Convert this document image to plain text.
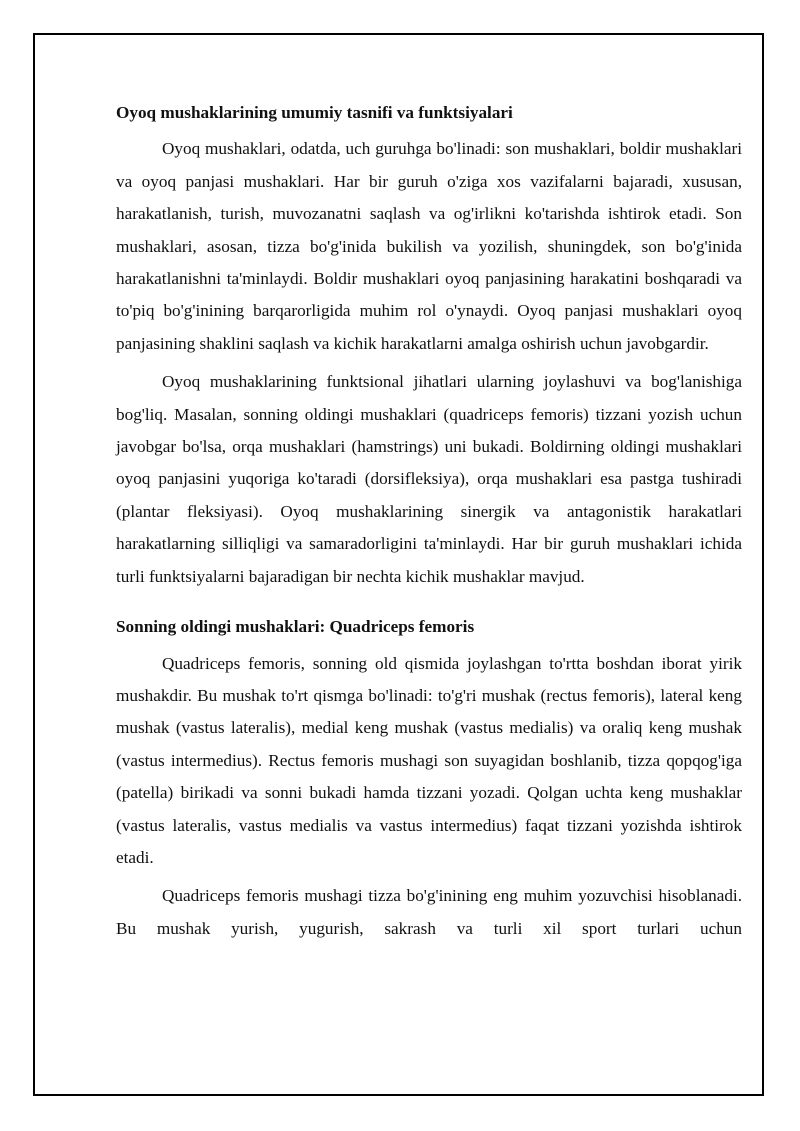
Oyoq mushaklarining umumiy tasnifi va funktsiyalari

Oyoq mushaklari, odatda, uch guruhga bo'linadi: son mushaklari, boldir mushaklari va oyoq panjasi mushaklari. Har bir guruh o'ziga xos vazifalarni bajaradi, xususan, harakatlanish, turish, muvozanatni saqlash va og'irlikni ko'tarishda ishtirok etadi. Son mushaklari, asosan, tizza bo'g'inida bukilish va yozilish, shuningdek, son bo'g'inida harakatlanishni ta'minlaydi. Boldir mushaklari oyoq panjasining harakatini boshqaradi va to'piq bo'g'inining barqarorligida muhim rol o'ynaydi. Oyoq panjasi mushaklari oyoq panjasining shaklini saqlash va kichik harakatlarni amalga oshirish uchun javobgardir.

Oyoq mushaklarining funktsional jihatlari ularning joylashuvi va bog'lanishiga bog'liq. Masalan, sonning oldingi mushaklari (quadriceps femoris) tizzani yozish uchun javobgar bo'lsa, orqa mushaklari (hamstrings) uni bukadi. Boldirning oldingi mushaklari oyoq panjasini yuqoriga ko'taradi (dorsifleksiya), orqa mushaklari esa pastga tushiradi (plantar fleksiyasi). Oyoq mushaklarining sinergik va antagonistik harakatlari harakatlarning silliqligi va samaradorligini ta'minlaydi. Har bir guruh mushaklari ichida turli funktsiyalarni bajaradigan bir nechta kichik mushaklar mavjud.

Sonning oldingi mushaklari: Quadriceps femoris

Quadriceps femoris, sonning old qismida joylashgan to'rtta boshdan iborat yirik mushakdir. Bu mushak to'rt qismga bo'linadi: to'g'ri mushak (rectus femoris), lateral keng mushak (vastus lateralis), medial keng mushak (vastus medialis) va oraliq keng mushak (vastus intermedius). Rectus femoris mushagi son suyagidan boshlanib, tizza qopqog'iga (patella) birikadi va sonni bukadi hamda tizzani yozadi. Qolgan uchta keng mushaklar (vastus lateralis, vastus medialis va vastus intermedius) faqat tizzani yozishda ishtirok etadi.

Quadriceps femoris mushagi tizza bo'g'inining eng muhim yozuvchisi hisoblanadi. Bu mushak yurish, yugurish, sakrash va turli xil sport turlari uchun
